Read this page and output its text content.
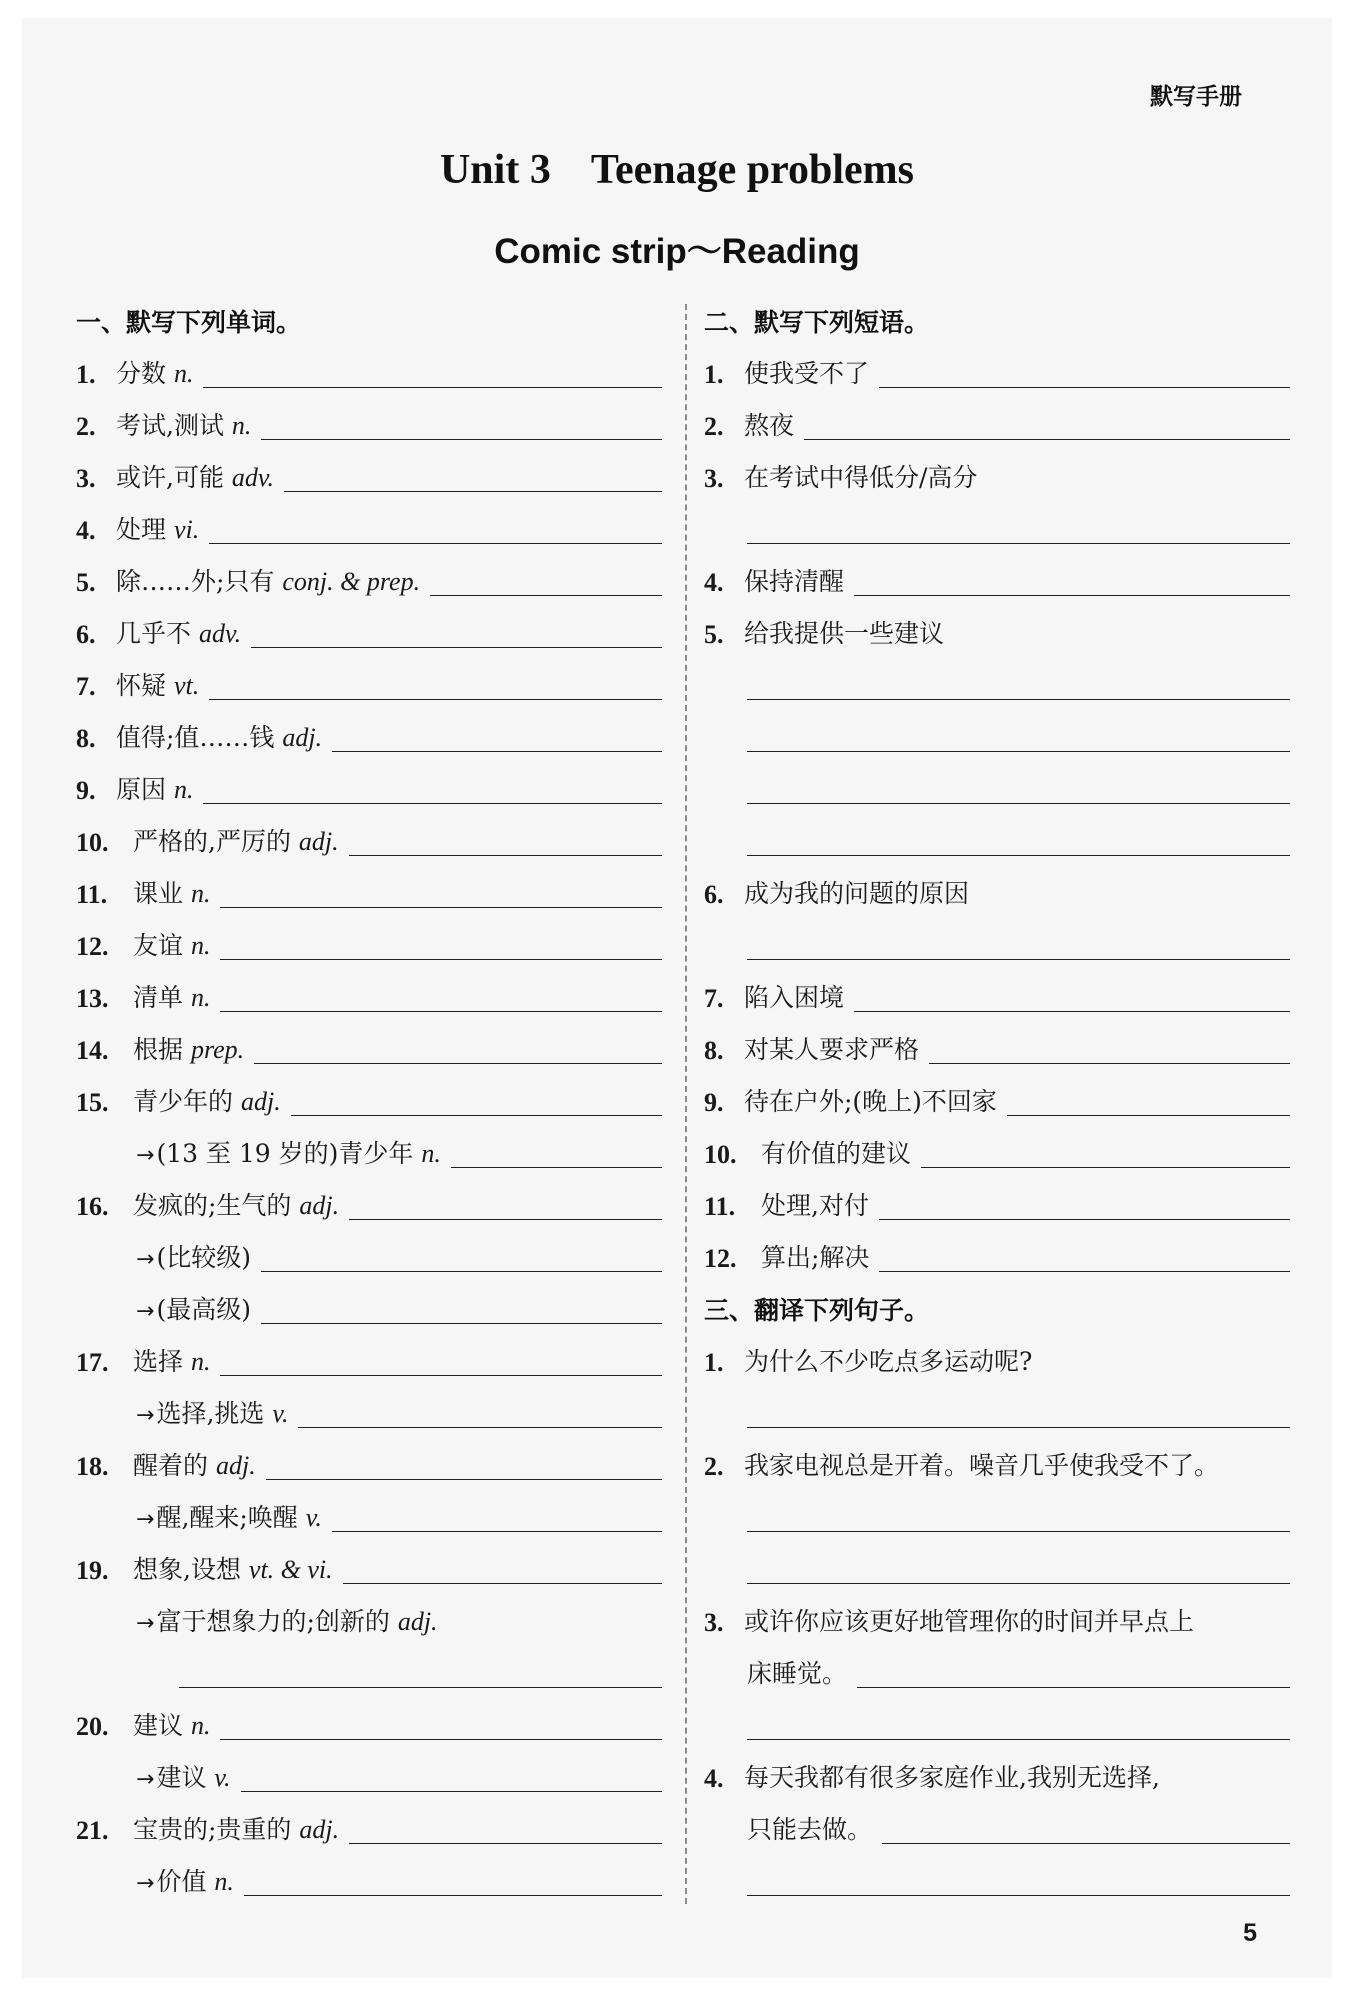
默写手册
Unit 3 Teenage problems
Comic strip～Reading
一、默写下列单词。
1. 分数 n.
2. 考试,测试 n.
3. 或许,可能 adv.
4. 处理 vi.
5. 除……外;只有 conj. & prep.
6. 几乎不 adv.
7. 怀疑 vt.
8. 值得;值……钱 adj.
9. 原因 n.
10. 严格的,严厉的 adj.
11.	课业 n.
12. 友谊 n.
13. 清单 n.
14. 根据 prep.
15. 青少年的 adj.
→(13 至 19 岁的)青少年 n.
16. 发疯的;生气的 adj.
→(比较级)
→(最高级)
17. 选择 n.
→选择,挑选 v.
18. 醒着的 adj.
→醒,醒来;唤醒 v.
19. 想象,设想 vt. & vi.
→富于想象力的;创新的 adj.
20. 建议 n.
→建议 v.
21. 宝贵的;贵重的 adj.
→价值 n.
二、默写下列短语。
1. 使我受不了
2. 熬夜
3. 在考试中得低分/高分
4. 保持清醒
5. 给我提供一些建议
6. 成为我的问题的原因
7. 陷入困境
8. 对某人要求严格
9. 待在户外;(晚上)不回家
10. 有价值的建议
11.	处理,对付
12. 算出;解决
三、翻译下列句子。
1. 为什么不少吃点多运动呢?
2. 我家电视总是开着。噪音几乎使我受不了。
3. 或许你应该更好地管理你的时间并早点上
床睡觉。
4. 每天我都有很多家庭作业,我别无选择,
只能去做。
5
